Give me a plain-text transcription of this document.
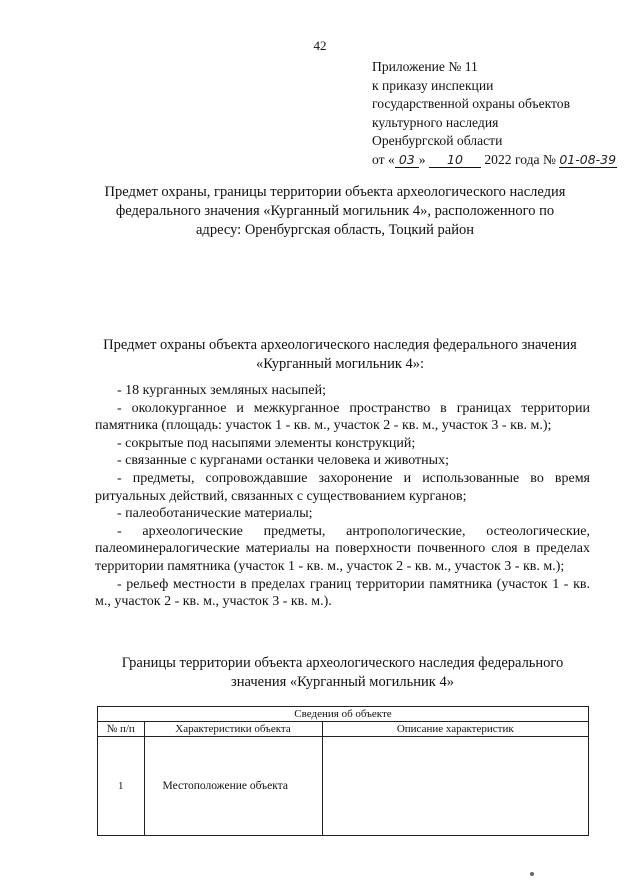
42
Приложение № 11
к приказу инспекции
государственной охраны объектов
культурного наследия
Оренбургской области
от « 03 » 10 2022 года № 01-08-39
Предмет охраны, границы территории объекта археологического наследия федерального значения «Курганный могильник 4», расположенного по адресу: Оренбургская область, Тоцкий район
Предмет охраны объекта археологического наследия федерального значения «Курганный могильник 4»:

- 18 курганных земляных насыпей;

- околокурганное и межкурганное пространство в границах территории памятника (площадь: участок 1 - кв. м., участок 2 - кв. м., участок 3 - кв. м.);

- сокрытые под насыпями элементы конструкций;

- связанные с курганами останки человека и животных;

- предметы, сопровождавшие захоронение и использованные во время ритуальных действий, связанных с существованием курганов;

- палеоботанические материалы;

- археологические предметы, антропологические, остеологические, палеоминералогические материалы на поверхности почвенного слоя в пределах территории памятника (участок 1 - кв. м., участок 2 - кв. м., участок 3 - кв. м.);

- рельеф местности в пределах границ территории памятника (участок 1 - кв. м., участок 2 - кв. м., участок 3 - кв. м.).

Границы территории объекта археологического наследия федерального значения «Курганный могильник 4»
Сведения об объекте		
№ п/п	Характеристики объекта	Описание характеристик
1	Местоположение объекта	
